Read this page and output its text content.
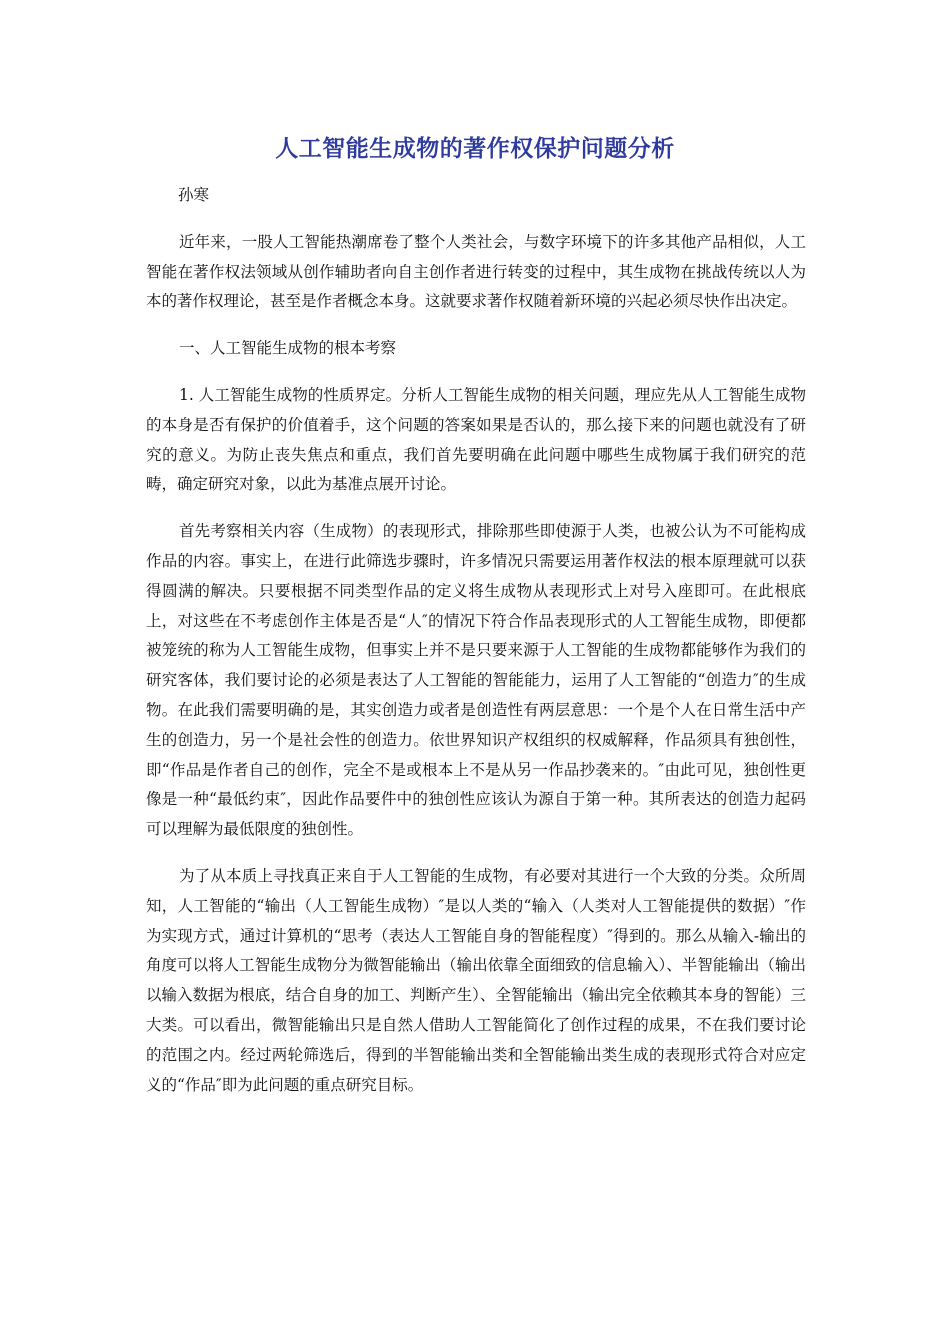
人工智能生成物的著作权保护问题分析

孙寒

近年来，一股人工智能热潮席卷了整个人类社会，与数字环境下的许多其他产品相似，人工智能在著作权法领域从创作辅助者向自主创作者进行转变的过程中，其生成物在挑战传统以人为本的著作权理论，甚至是作者概念本身。这就要求著作权随着新环境的兴起必须尽快作出决定。

一、人工智能生成物的根本考察

1. 人工智能生成物的性质界定。分析人工智能生成物的相关问题，理应先从人工智能生成物的本身是否有保护的价值着手，这个问题的答案如果是否认的，那么接下来的问题也就没有了研究的意义。为防止丧失焦点和重点，我们首先要明确在此问题中哪些生成物属于我们研究的范畴，确定研究对象，以此为基准点展开讨论。

首先考察相关内容（生成物）的表现形式，排除那些即使源于人类，也被公认为不可能构成作品的内容。事实上，在进行此筛选步骤时，许多情况只需要运用著作权法的根本原理就可以获得圆满的解决。只要根据不同类型作品的定义将生成物从表现形式上对号入座即可。在此根底上，对这些在不考虑创作主体是否是“人″的情况下符合作品表现形式的人工智能生成物，即便都被笼统的称为人工智能生成物，但事实上并不是只要来源于人工智能的生成物都能够作为我们的研究客体，我们要讨论的必须是表达了人工智能的智能能力，运用了人工智能的“创造力″的生成物。在此我们需要明确的是，其实创造力或者是创造性有两层意思：一个是个人在日常生活中产生的创造力，另一个是社会性的创造力。依世界知识产权组织的权威解释，作品须具有独创性，即“作品是作者自己的创作，完全不是或根本上不是从另一作品抄袭来的。″由此可见，独创性更像是一种“最低约束″，因此作品要件中的独创性应该认为源自于第一种。其所表达的创造力起码可以理解为最低限度的独创性。

为了从本质上寻找真正来自于人工智能的生成物，有必要对其进行一个大致的分类。众所周知，人工智能的“输出（人工智能生成物）″是以人类的“输入（人类对人工智能提供的数据）″作为实现方式，通过计算机的“思考（表达人工智能自身的智能程度）″得到的。那么从输入-输出的角度可以将人工智能生成物分为微智能输出（输出依靠全面细致的信息输入）、半智能输出（输出以输入数据为根底，结合自身的加工、判断产生）、全智能输出（输出完全依赖其本身的智能）三大类。可以看出，微智能输出只是自然人借助人工智能简化了创作过程的成果，不在我们要讨论的范围之内。经过两轮筛选后，得到的半智能输出类和全智能输出类生成的表现形式符合对应定义的“作品″即为此问题的重点研究目标。
